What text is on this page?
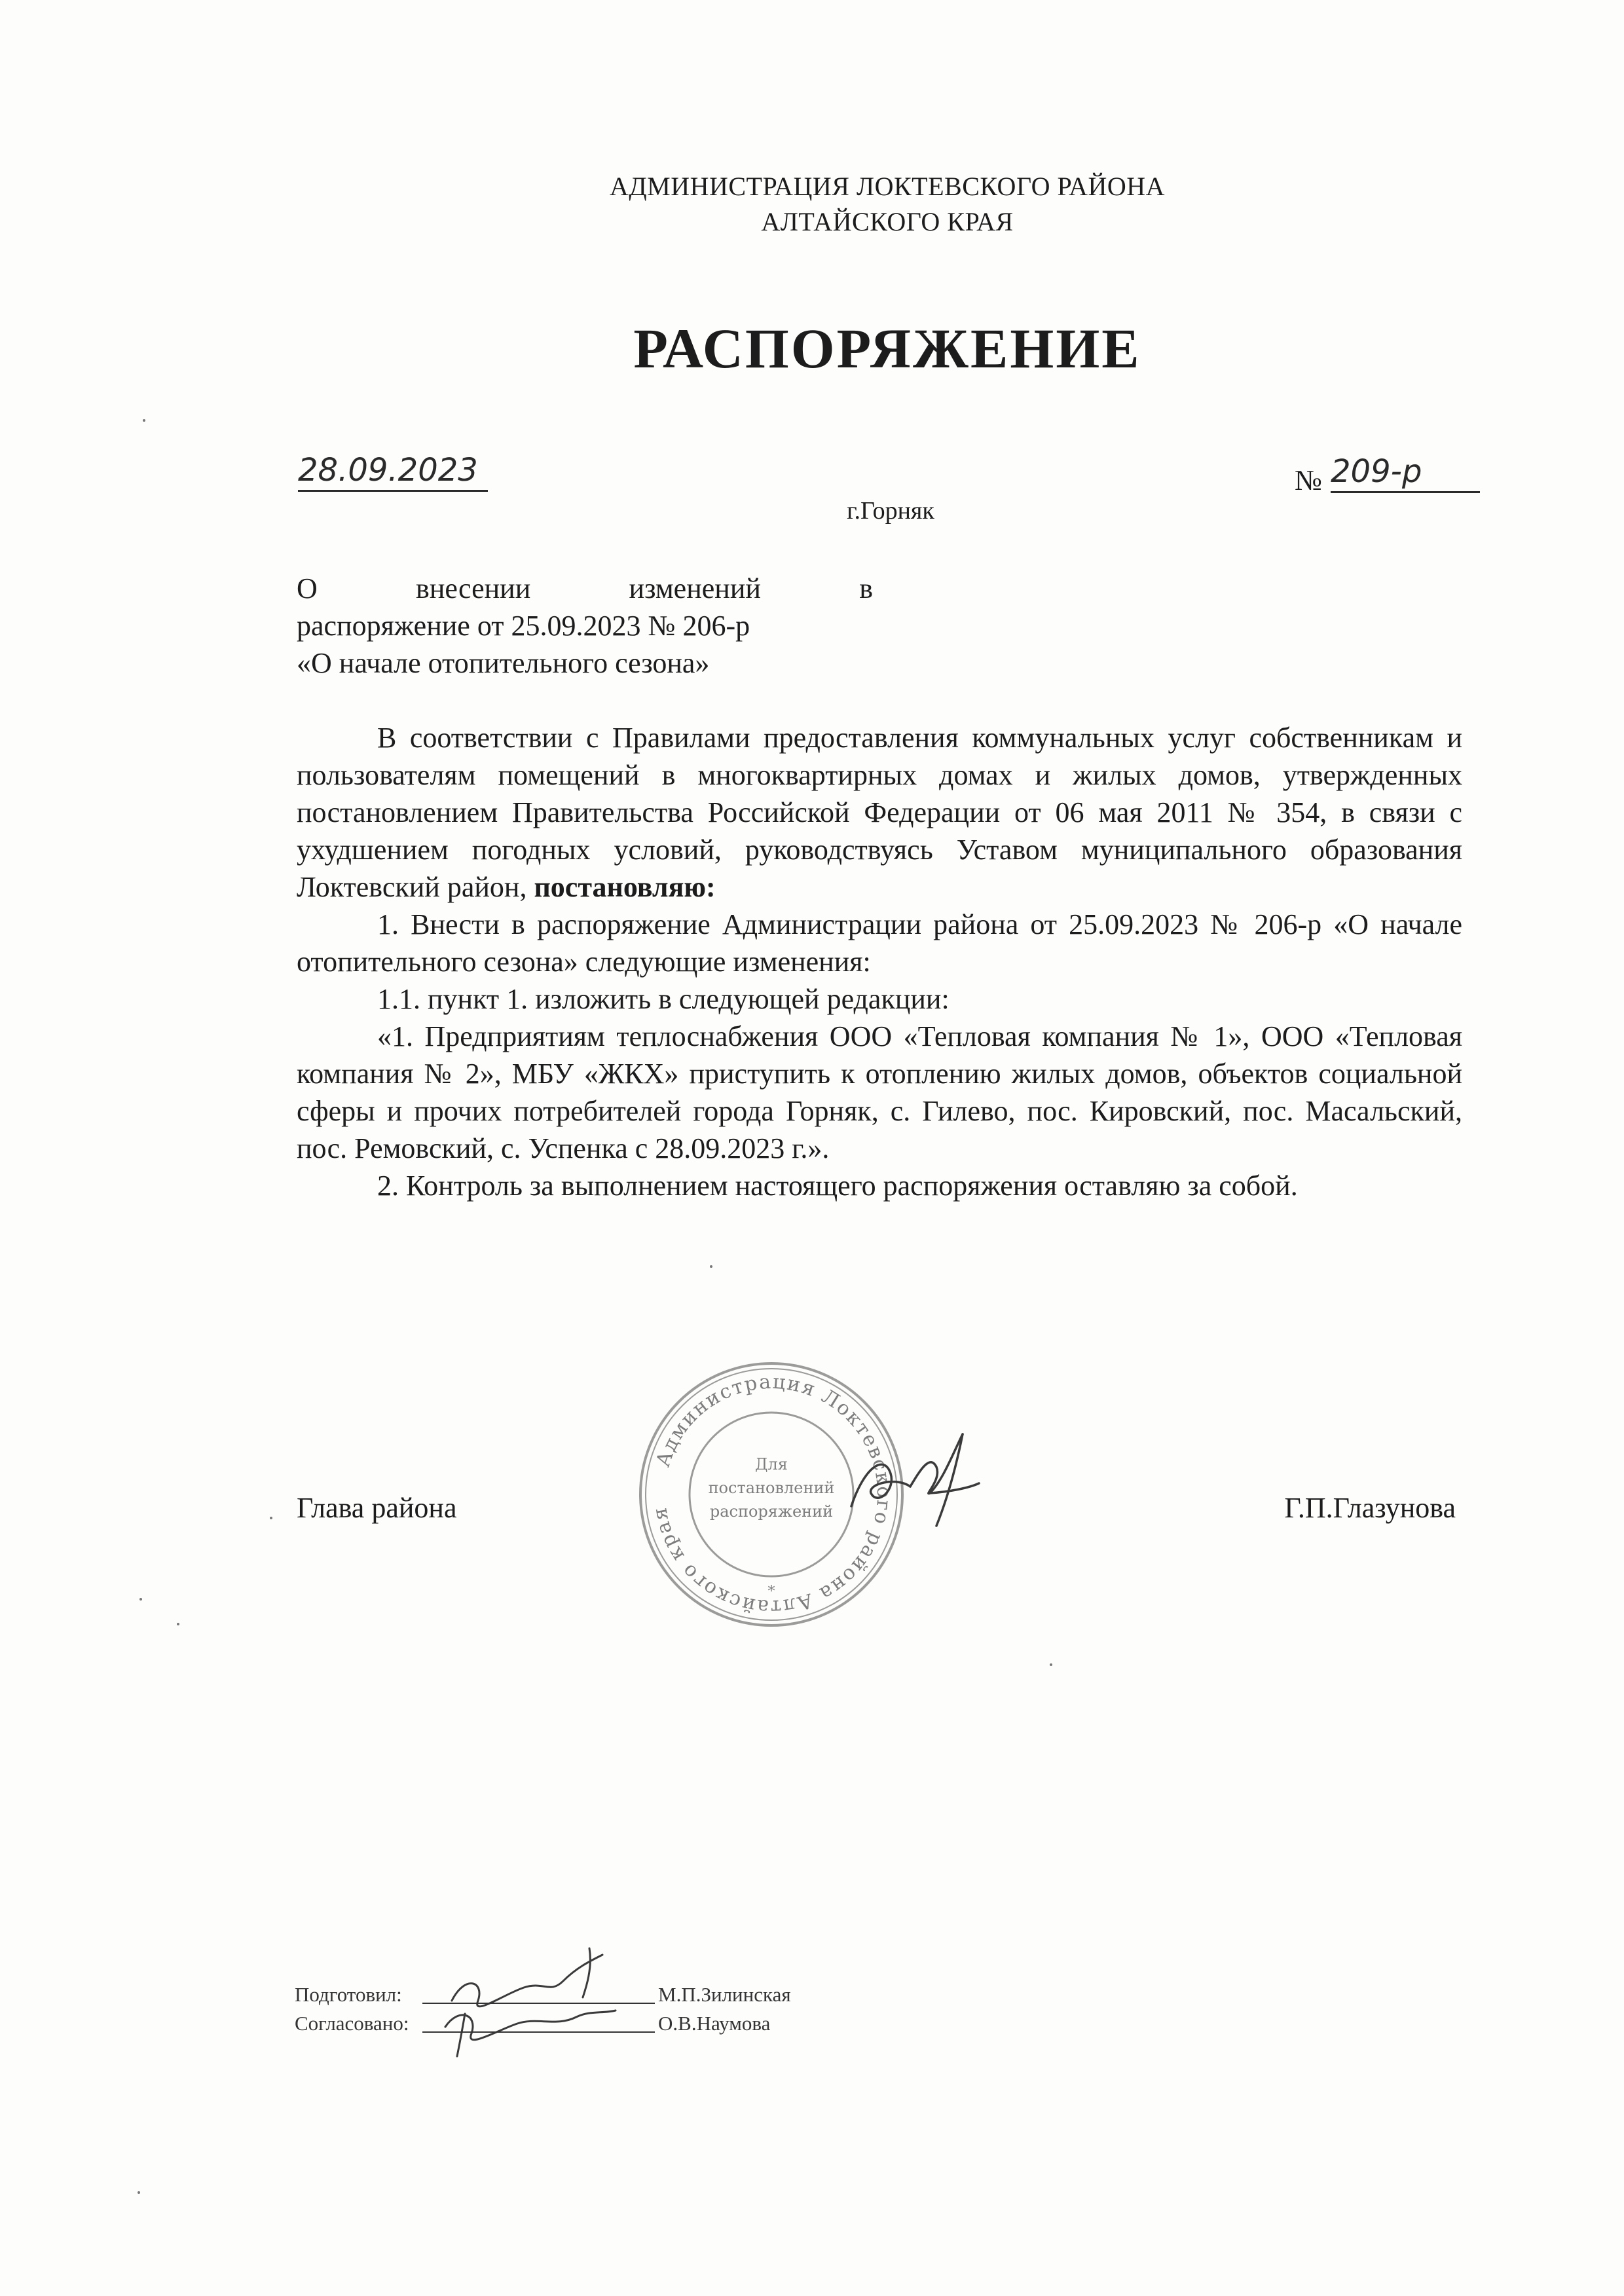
АДМИНИСТРАЦИЯ ЛОКТЕВСКОГО РАЙОНА
АЛТАЙСКОГО КРАЯ
РАСПОРЯЖЕНИЕ
28.09.2023	№ 209-р
г.Горняк
О внесении изменений в
распоряжение от 25.09.2023 № 206-р
«О начале отопительного сезона»

В соответствии с Правилами предоставления коммунальных услуг собственникам и пользователям помещений в многоквартирных домах и жилых домов, утвержденных постановлением Правительства Российской Федерации от 06 мая 2011 № 354, в связи с ухудшением погодных условий, руководствуясь Уставом муниципального образования Локтевский район, постановляю:

1. Внести в распоряжение Администрации района от 25.09.2023 № 206-р «О начале отопительного сезона» следующие изменения:

1.1. пункт 1. изложить в следующей редакции:

«1. Предприятиям теплоснабжения ООО «Тепловая компания № 1», ООО «Тепловая компания № 2», МБУ «ЖКХ» приступить к отоплению жилых домов, объектов социальной сферы и прочих потребителей города Горняк, с. Гилево, пос. Кировский, пос. Масальский, пос. Ремовский, с. Успенка с 28.09.2023 г.».

2. Контроль за выполнением настоящего распоряжения оставляю за собой.

Администрация Локтевского района Алтайского края
Для
постановлений
распоряжений
*
Глава района	Г.П.Глазунова
Подготовил:	М.П.Зилинская
Согласовано:	О.В.Наумова
